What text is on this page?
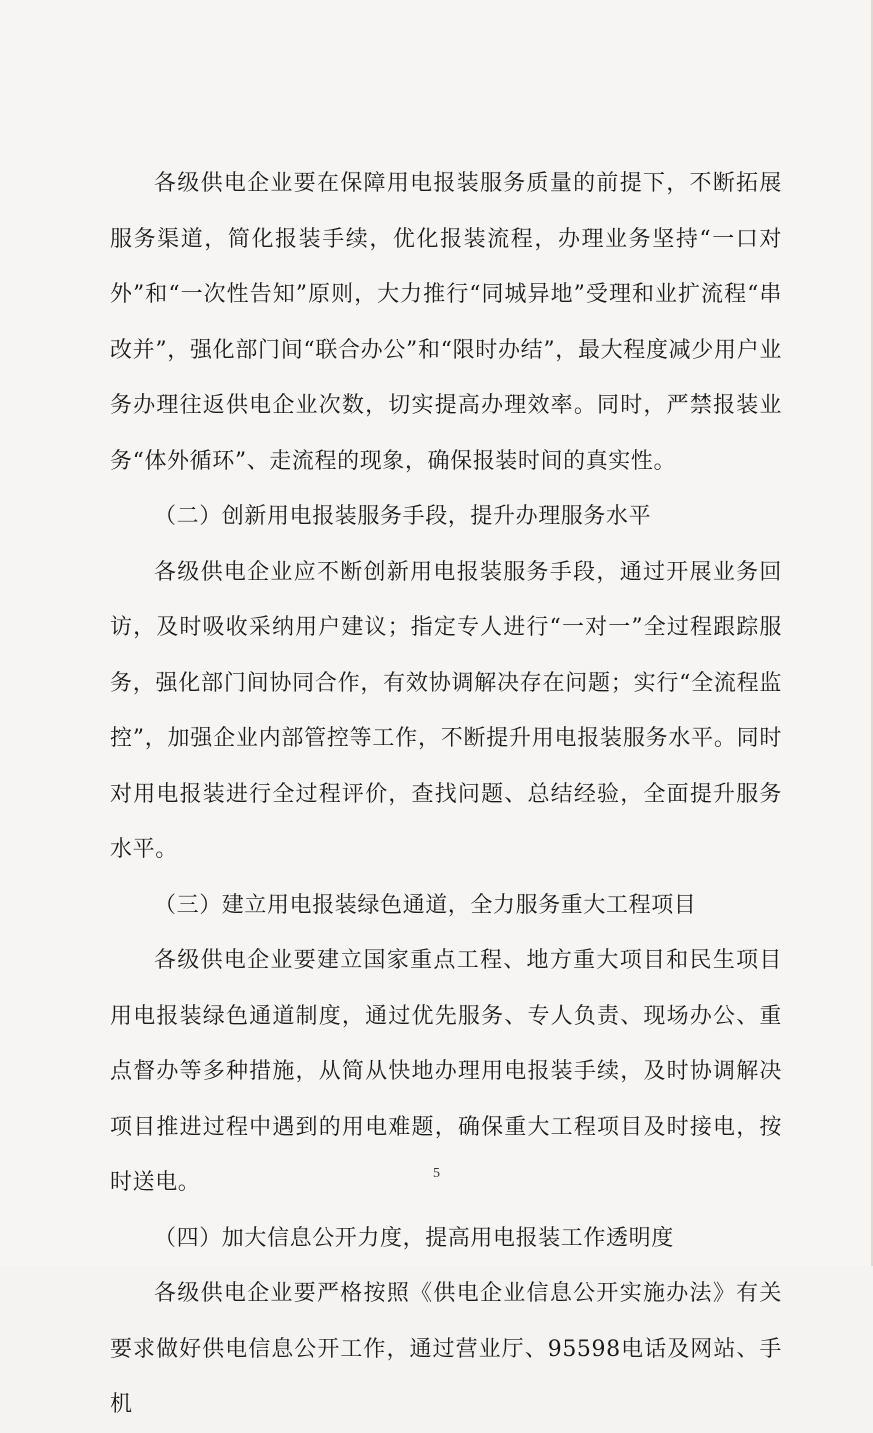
各级供电企业要在保障用电报装服务质量的前提下，不断拓展服务渠道，简化报装手续，优化报装流程，办理业务坚持“一口对外”和“一次性告知”原则，大力推行“同城异地”受理和业扩流程“串改并”，强化部门间“联合办公”和“限时办结”，最大程度减少用户业务办理往返供电企业次数，切实提高办理效率。同时，严禁报装业务“体外循环”、走流程的现象，确保报装时间的真实性。

（二）创新用电报装服务手段，提升办理服务水平

各级供电企业应不断创新用电报装服务手段，通过开展业务回访，及时吸收采纳用户建议；指定专人进行“一对一”全过程跟踪服务，强化部门间协同合作，有效协调解决存在问题；实行“全流程监控”，加强企业内部管控等工作，不断提升用电报装服务水平。同时对用电报装进行全过程评价，查找问题、总结经验，全面提升服务水平。

（三）建立用电报装绿色通道，全力服务重大工程项目

各级供电企业要建立国家重点工程、地方重大项目和民生项目用电报装绿色通道制度，通过优先服务、专人负责、现场办公、重点督办等多种措施，从简从快地办理用电报装手续，及时协调解决项目推进过程中遇到的用电难题，确保重大工程项目及时接电，按时送电。

（四）加大信息公开力度，提高用电报装工作透明度

各级供电企业要严格按照《供电企业信息公开实施办法》有关要求做好供电信息公开工作，通过营业厅、95598电话及网站、手机

5
